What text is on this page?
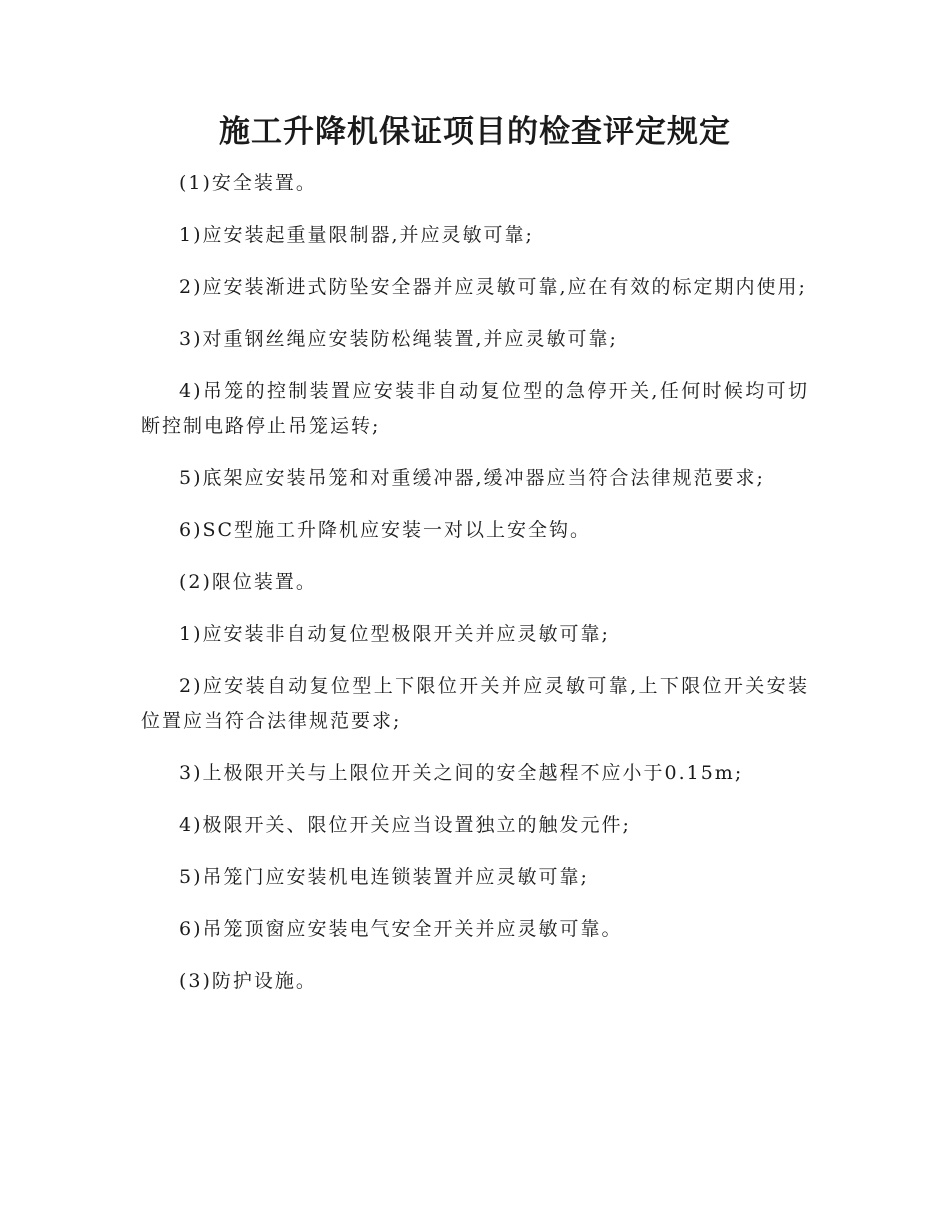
施工升降机保证项目的检查评定规定

(1)安全装置。

1)应安装起重量限制器,并应灵敏可靠;

2)应安装渐进式防坠安全器并应灵敏可靠,应在有效的标定期内使用;

3)对重钢丝绳应安装防松绳装置,并应灵敏可靠;

4)吊笼的控制装置应安装非自动复位型的急停开关,任何时候均可切断控制电路停止吊笼运转;

5)底架应安装吊笼和对重缓冲器,缓冲器应当符合法律规范要求;

6)SC型施工升降机应安装一对以上安全钩。

(2)限位装置。

1)应安装非自动复位型极限开关并应灵敏可靠;

2)应安装自动复位型上下限位开关并应灵敏可靠,上下限位开关安装位置应当符合法律规范要求;

3)上极限开关与上限位开关之间的安全越程不应小于0.15m;

4)极限开关、限位开关应当设置独立的触发元件;

5)吊笼门应安装机电连锁装置并应灵敏可靠;

6)吊笼顶窗应安装电气安全开关并应灵敏可靠。

(3)防护设施。
